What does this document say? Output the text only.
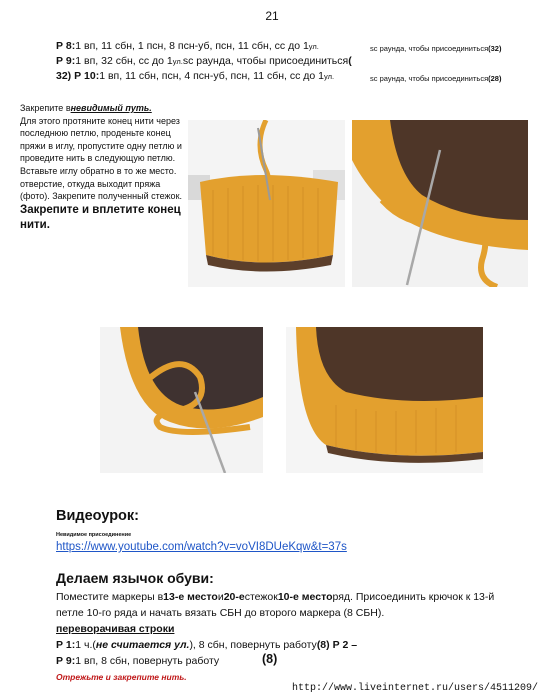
21
Р 8:1 вп, 11 сбн, 1 псн, 8 псн-уб, псн, 11 сбн, сс до 1ул.	sc раунда, чтобы присоединиться(32)
Р 9:1 вп, 32 сбн, сс до 1ул.sc раунда, чтобы присоединиться(
32) Р 10:1 вп, 11 сбн, псн, 4 псн-уб, псн, 11 сбн, сс до 1ул.	sc раунда, чтобы присоединиться(28)
Закрепите вневидимый путь.
Для этого протяните конец нити через последнюю петлю, проденьте конец пряжи в иглу, пропустите одну петлю и проведите нить в следующую петлю. Вставьте иглу обратно в то же место. отверстие, откуда выходит пряжа (фото). Закрепите полученный стежок.
Закрепите и вплетите конец нити.
Видеоурок:
Невидимое присоединение
https://www.youtube.com/watch?v=voVI8DUeKqw&t=37s
Делаем язычок обуви:
Поместите маркеры в13-е местои20-естежок10-е месторяд. Присоединить крючок к 13-й петле 10-го ряда и начать вязать СБН до второго маркера (8 СБН).
переворачивая строки
Р 1:1 ч.(не считается ул.), 8 сбн, повернуть работу(8) Р 2 –
Р 9:1 вп, 8 сбн, повернуть работу	(8)
Отрежьте и закрепите нить.
http://www.liveinternet.ru/users/4511209/
